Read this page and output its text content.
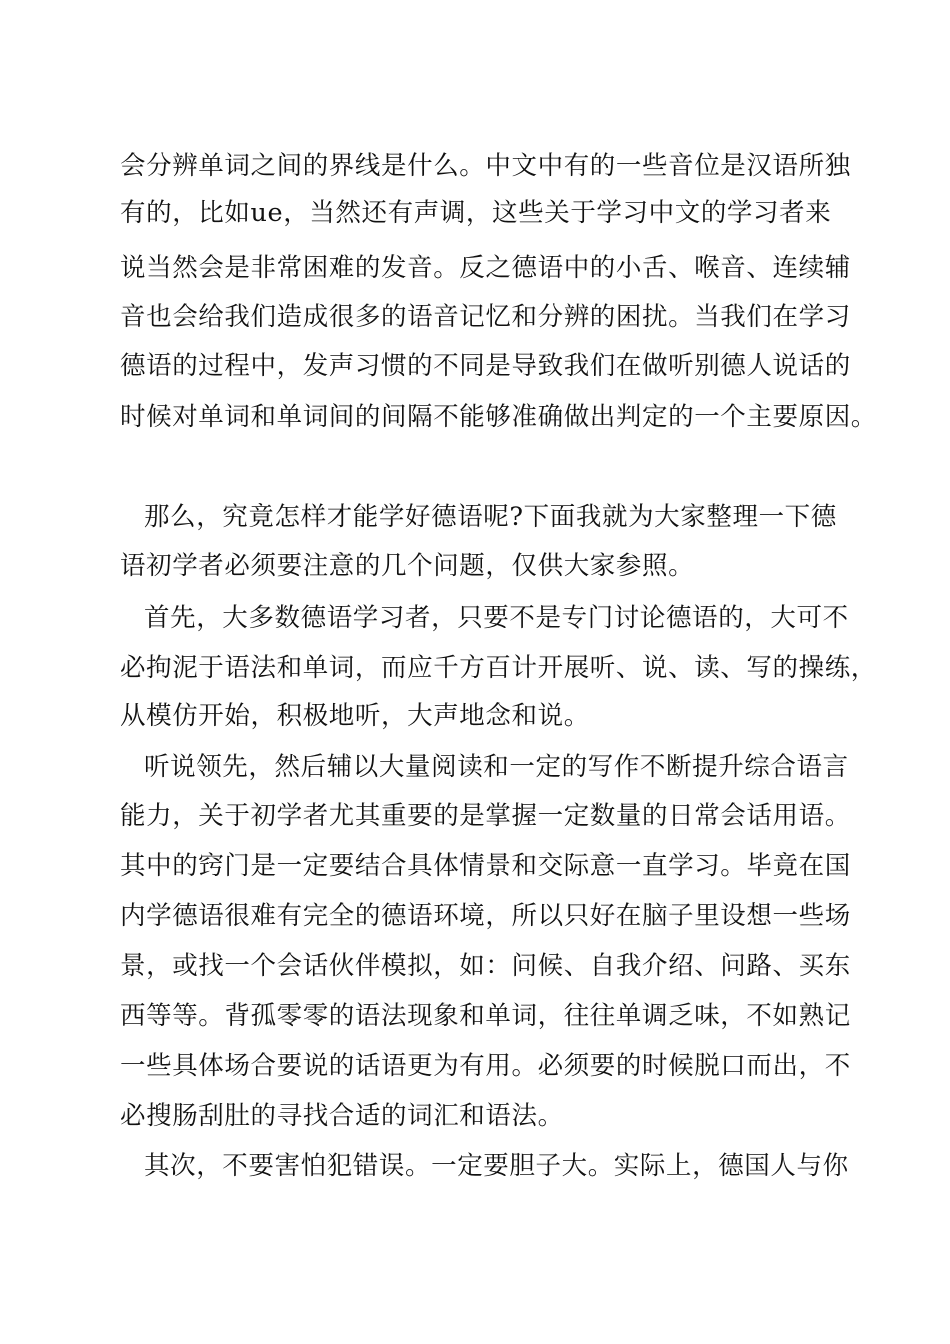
会分辨单词之间的界线是什么。中文中有的一些音位是汉语所独
有的，比如ue，当然还有声调，这些关于学习中文的学习者来
说当然会是非常困难的发音。反之德语中的小舌、喉音、连续辅
音也会给我们造成很多的语音记忆和分辨的困扰。当我们在学习
德语的过程中，发声习惯的不同是导致我们在做听别德人说话的
时候对单词和单词间的间隔不能够准确做出判定的一个主要原因。
那么，究竟怎样才能学好德语呢?下面我就为大家整理一下德
语初学者必须要注意的几个问题，仅供大家参照。
首先，大多数德语学习者，只要不是专门讨论德语的，大可不
必拘泥于语法和单词，而应千方百计开展听、说、读、写的操练，
从模仿开始，积极地听，大声地念和说。
听说领先，然后辅以大量阅读和一定的写作不断提升综合语言
能力，关于初学者尤其重要的是掌握一定数量的日常会话用语。
其中的窍门是一定要结合具体情景和交际意一直学习。毕竟在国
内学德语很难有完全的德语环境，所以只好在脑子里设想一些场
景，或找一个会话伙伴模拟，如：问候、自我介绍、问路、买东
西等等。背孤零零的语法现象和单词，往往单调乏味，不如熟记
一些具体场合要说的话语更为有用。必须要的时候脱口而出，不
必搜肠刮肚的寻找合适的词汇和语法。
其次，不要害怕犯错误。一定要胆子大。实际上，德国人与你
